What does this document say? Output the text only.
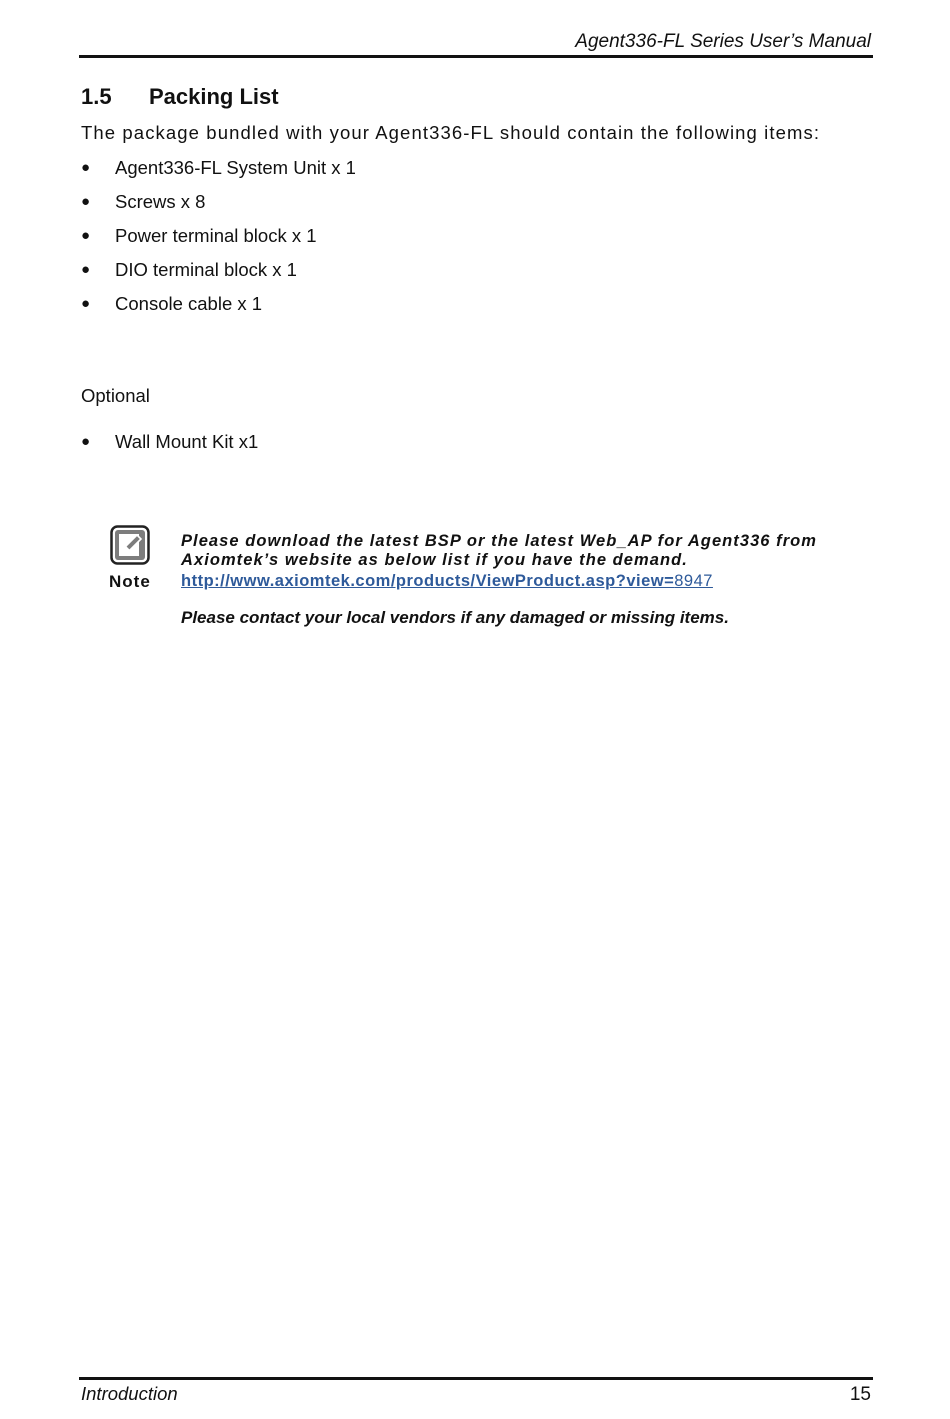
Agent336-FL Series User’s Manual
1.5 Packing List
The package bundled with your Agent336-FL should contain the following items:
● Agent336-FL System Unit x 1
● Screws x 8
● Power terminal block x 1
● DIO terminal block x 1
● Console cable x 1
Optional
● Wall Mount Kit x1
Note
Please download the latest BSP or the latest Web_AP for Agent336 from Axiomtek’s website as below list if you have the demand.
http://www.axiomtek.com/products/ViewProduct.asp?view=8947
Please contact your local vendors if any damaged or missing items.
Introduction	15
